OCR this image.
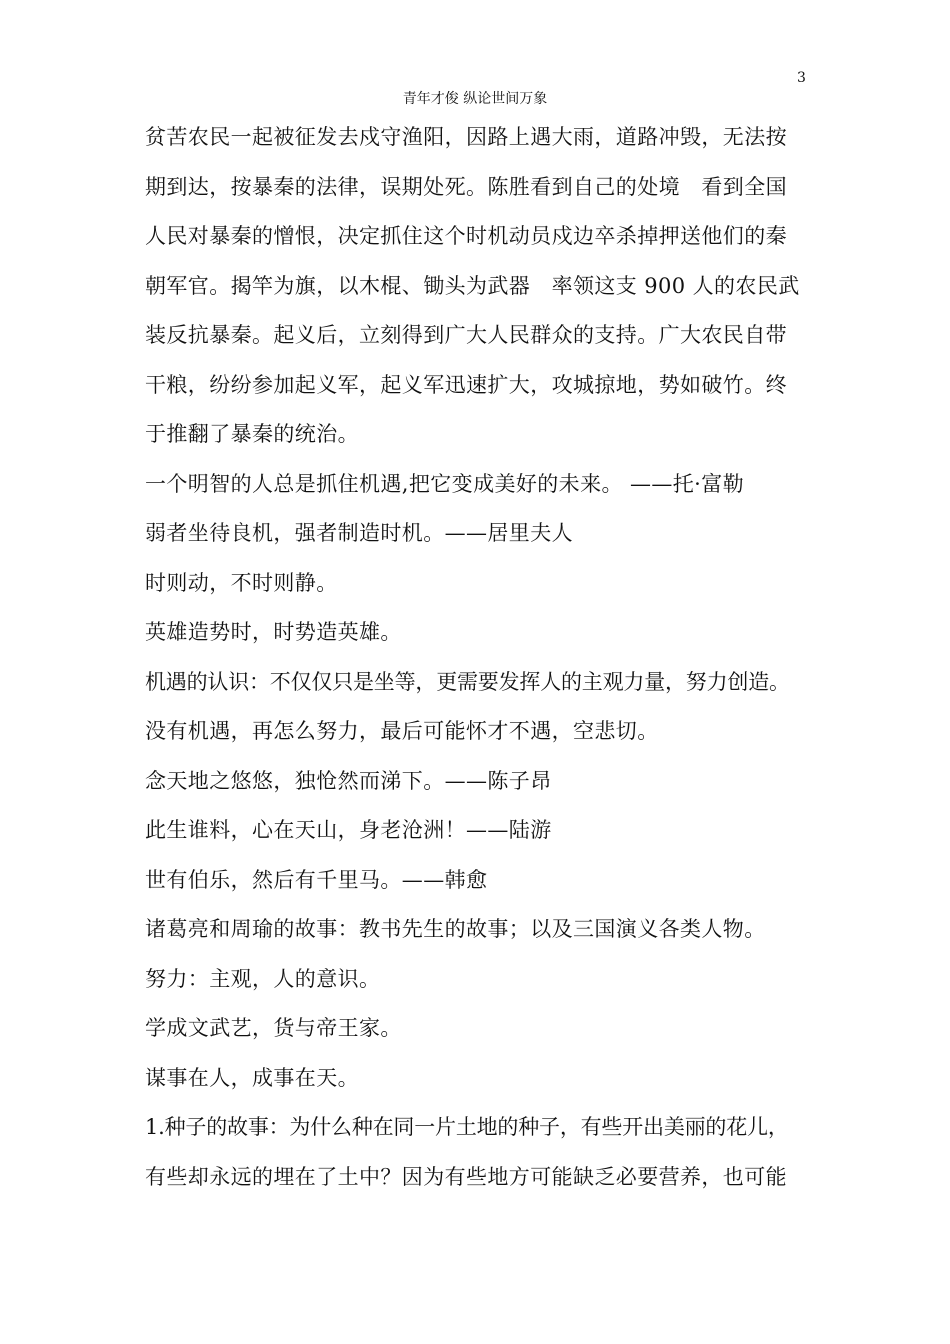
3
青年才俊 纵论世间万象

贫苦农民一起被征发去戍守渔阳，因路上遇大雨，道路冲毁，无法按

期到达，按暴秦的法律，误期处死。陈胜看到自己的处境　看到全国

人民对暴秦的憎恨，决定抓住这个时机动员戍边卒杀掉押送他们的秦

朝军官。揭竿为旗，以木棍、锄头为武器　率领这支 900 人的农民武

装反抗暴秦。起义后，立刻得到广大人民群众的支持。广大农民自带

干粮，纷纷参加起义军，起义军迅速扩大，攻城掠地，势如破竹。终

于推翻了暴秦的统治。

一个明智的人总是抓住机遇,把它变成美好的未来。 ——托·富勒

弱者坐待良机，强者制造时机。——居里夫人

时则动，不时则静。

英雄造势时，时势造英雄。

机遇的认识：不仅仅只是坐等，更需要发挥人的主观力量，努力创造。

没有机遇，再怎么努力，最后可能怀才不遇，空悲切。

念天地之悠悠，独怆然而涕下。——陈子昂

此生谁料，心在天山，身老沧洲！——陆游

世有伯乐，然后有千里马。——韩愈

诸葛亮和周瑜的故事：教书先生的故事；以及三国演义各类人物。

努力：主观，人的意识。

学成文武艺，货与帝王家。

谋事在人，成事在天。

1.种子的故事：为什么种在同一片土地的种子，有些开出美丽的花儿，

有些却永远的埋在了土中？因为有些地方可能缺乏必要营养，也可能
